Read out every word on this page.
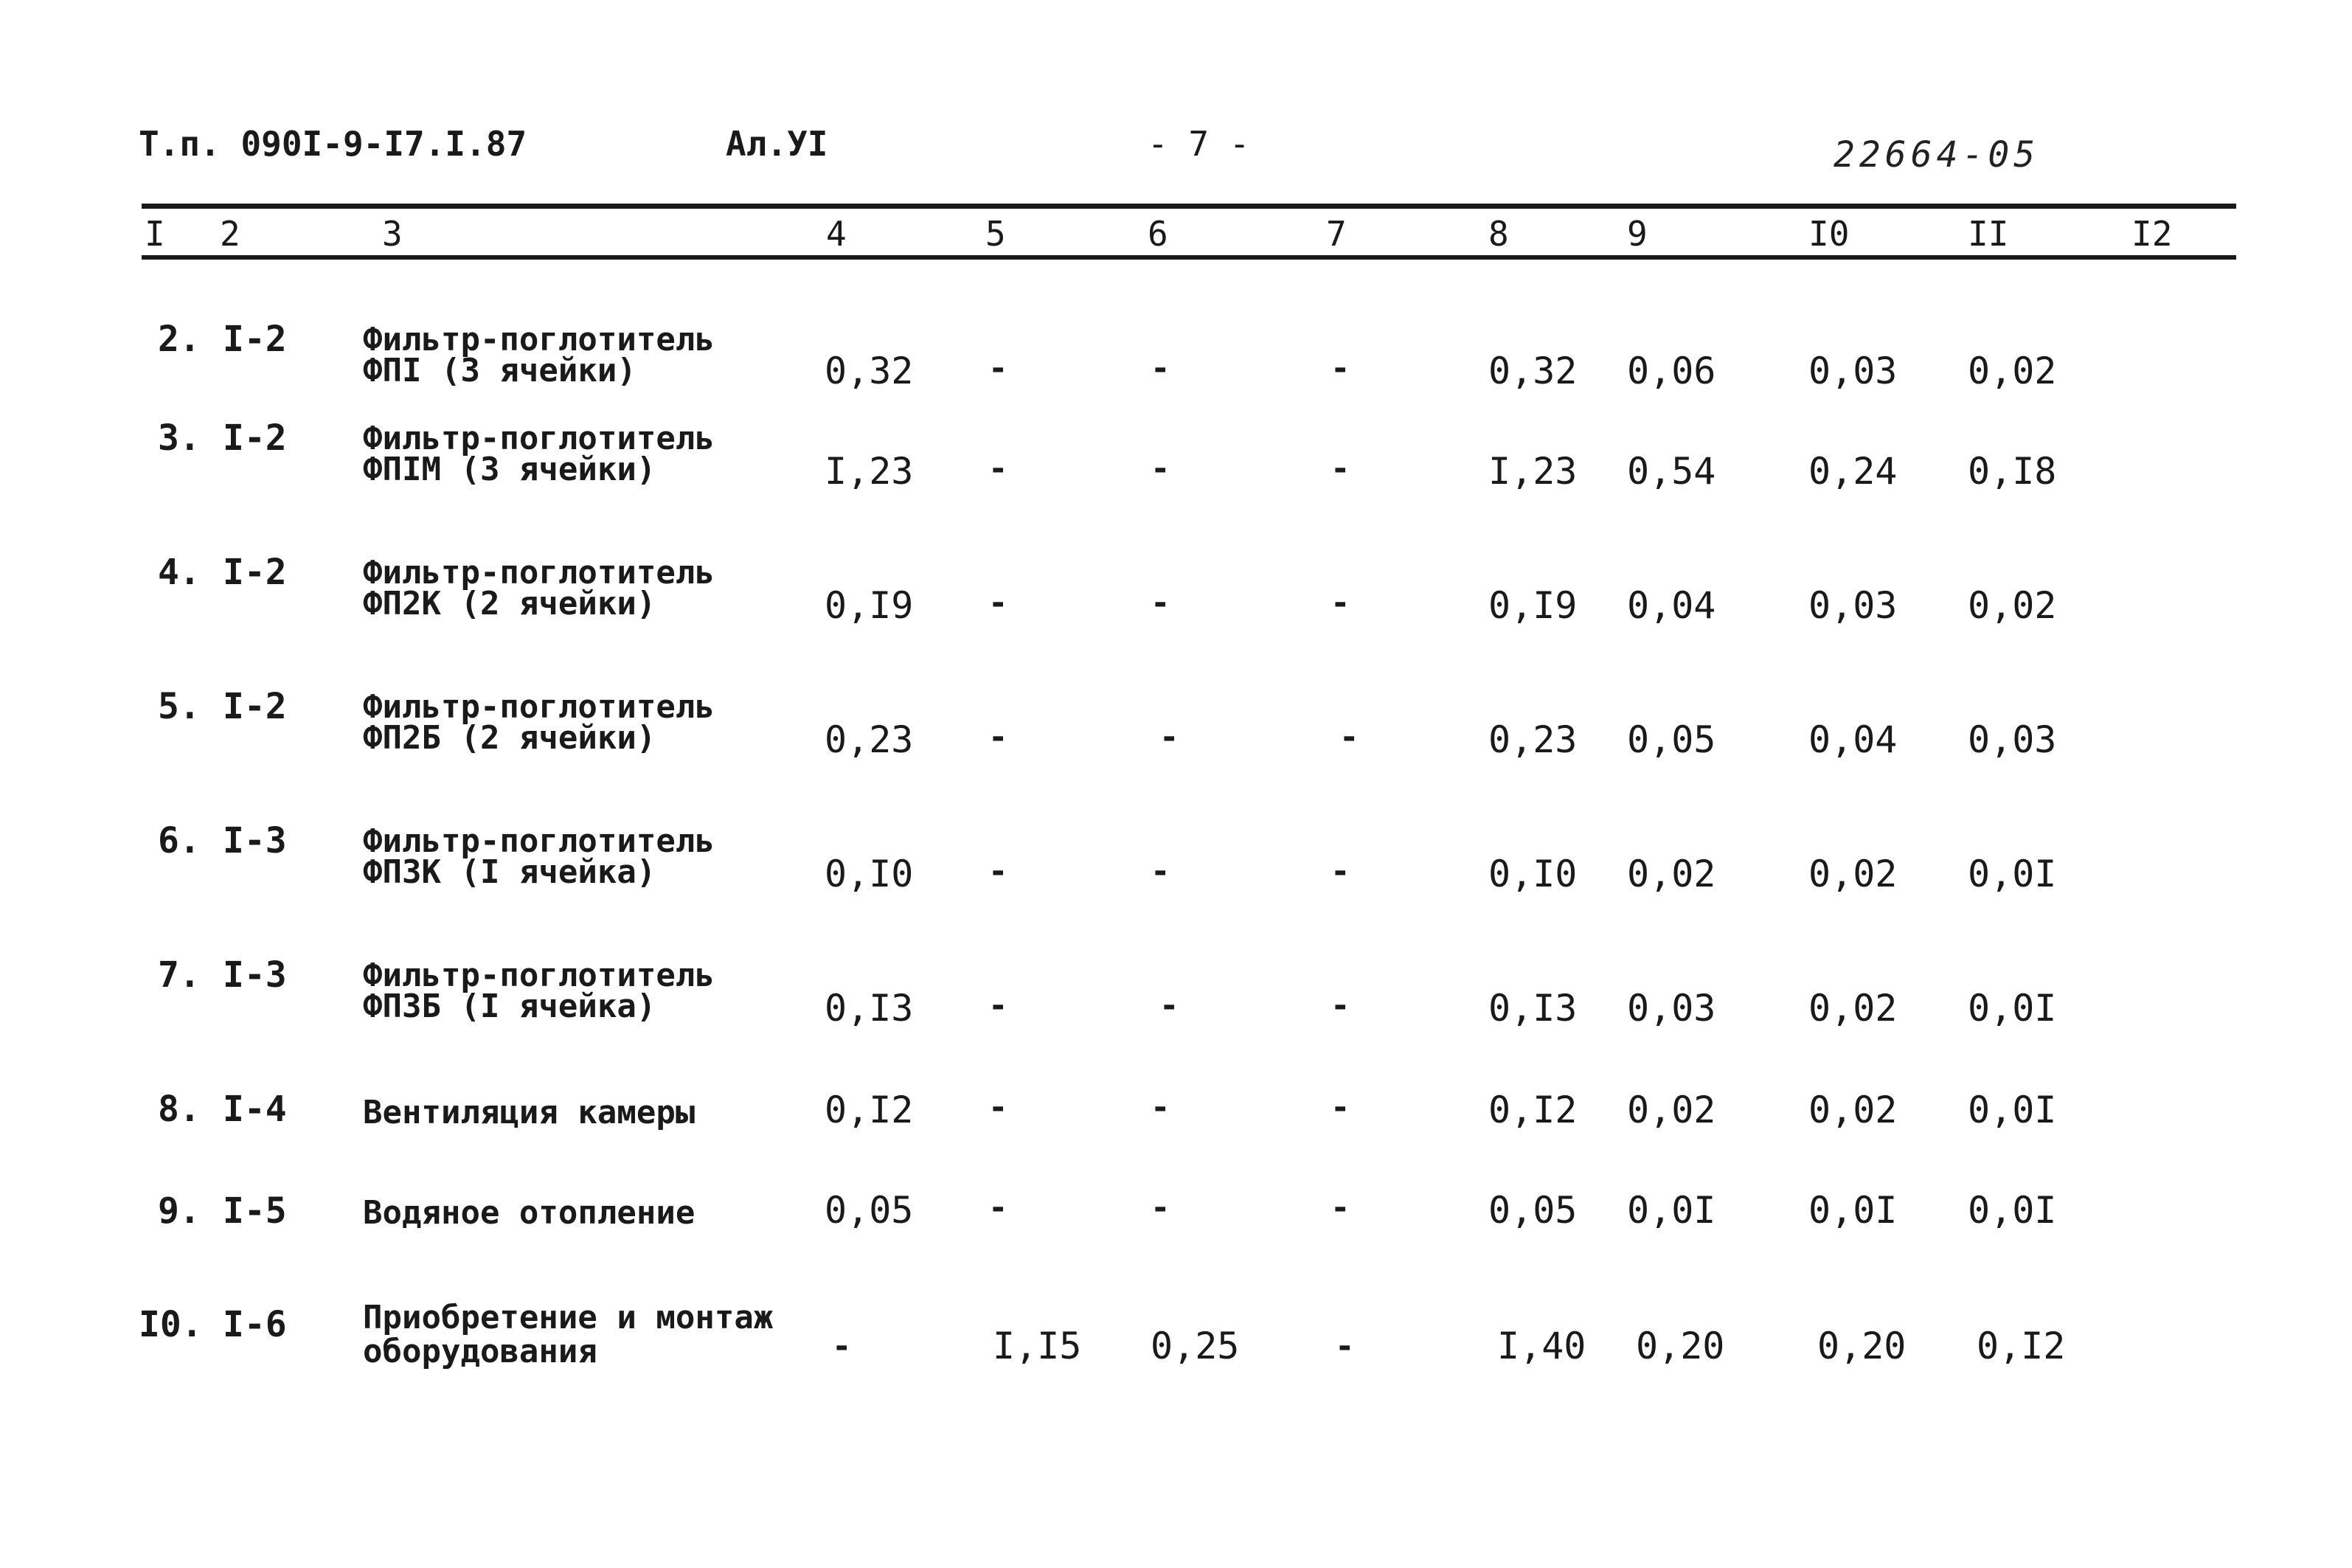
Т.п. 090I-9-I7.I.87	Ал.УI	- 7 -	22664-05
I 2	3	4	5	6	7	8	9	I0	II	I2
2. I-2 Фильтр-поглотитель
ФПI (3 ячейки)	0,32 -	-	-	0,32 0,06	0,03 0,02
3. I-2 Фильтр-поглотитель
ФПIМ (3 ячейки)	I,23 -	-	-	I,23 0,54	0,24 0,I8
4. I-2 Фильтр-поглотитель
ФП2К (2 ячейки)	0,I9 -	-	-	0,I9 0,04	0,03 0,02
5. I-2 Фильтр-поглотитель
ФП2Б (2 ячейки)	0,23 -	-	-	0,23 0,05	0,04 0,03
6. I-3 Фильтр-поглотитель
ФП3К (I ячейка)	0,I0 -	-	-	0,I0 0,02	0,02 0,0I
7. I-3 Фильтр-поглотитель
ФП3Б (I ячейка)	0,I3 -	-	-	0,I3 0,03	0,02 0,0I
8. I-4 Вентиляция камеры	0,I2 -	-	-	0,I2 0,02	0,02 0,0I
9. I-5 Водяное отопление	0,05 -	-	-	0,05 0,0I	0,0I 0,0I
I0. I-6 Приобретение и монтаж
оборудования	-	I,I5 0,25	-	I,40 0,20	0,20 0,I2
